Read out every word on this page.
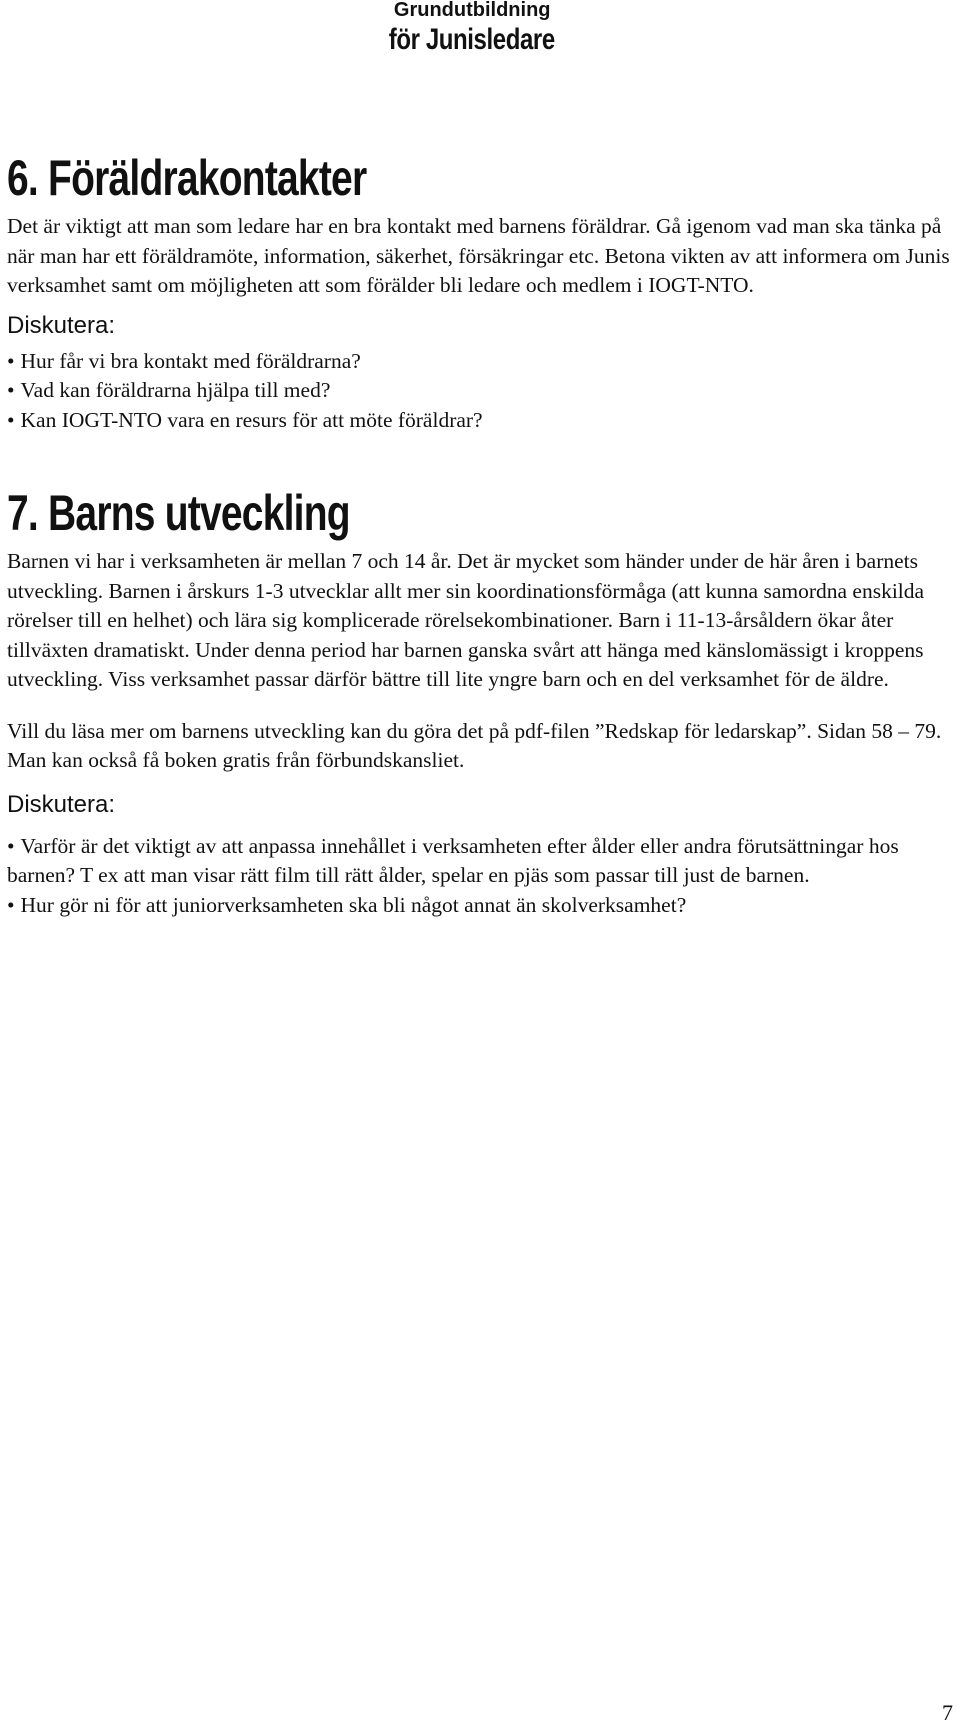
Grundutbildning
för Junisledare
6. Föräldrakontakter

Det är viktigt att man som ledare har en bra kontakt med barnens föräldrar. Gå igenom vad man ska tänka på när man har ett föräldramöte, information, säkerhet, försäkringar etc. Betona vikten av att informera om Junis verksamhet samt om möjligheten att som förälder bli ledare och medlem i IOGT-NTO.

Diskutera:

• Hur får vi bra kontakt med föräldrarna?
• Vad kan föräldrarna hjälpa till med?
• Kan IOGT-NTO vara en resurs för att möte föräldrar?
7. Barns utveckling

Barnen vi har i verksamheten är mellan 7 och 14 år. Det är mycket som händer under de här åren i barnets utveckling. Barnen i årskurs 1-3 utvecklar allt mer sin koordinationsförmåga (att kunna samordna enskilda rörelser till en helhet) och lära sig komplicerade rörelsekombinationer. Barn i 11-13-årsåldern ökar åter tillväxten dramatiskt. Under denna period har barnen ganska svårt att hänga med känslomässigt i kroppens utveckling. Viss verksamhet passar därför bättre till lite yngre barn och en del verksamhet för de äldre.

Vill du läsa mer om barnens utveckling kan du göra det på pdf-filen ”Redskap för ledarskap”. Sidan 58 – 79. Man kan också få boken gratis från förbundskansliet.

Diskutera:

• Varför är det viktigt av att anpassa innehållet i verksamheten efter ålder eller andra förutsättningar hos barnen? T ex att man visar rätt film till rätt ålder, spelar en pjäs som passar till just de barnen.
• Hur gör ni för att juniorverksamheten ska bli något annat än skolverksamhet?
7
